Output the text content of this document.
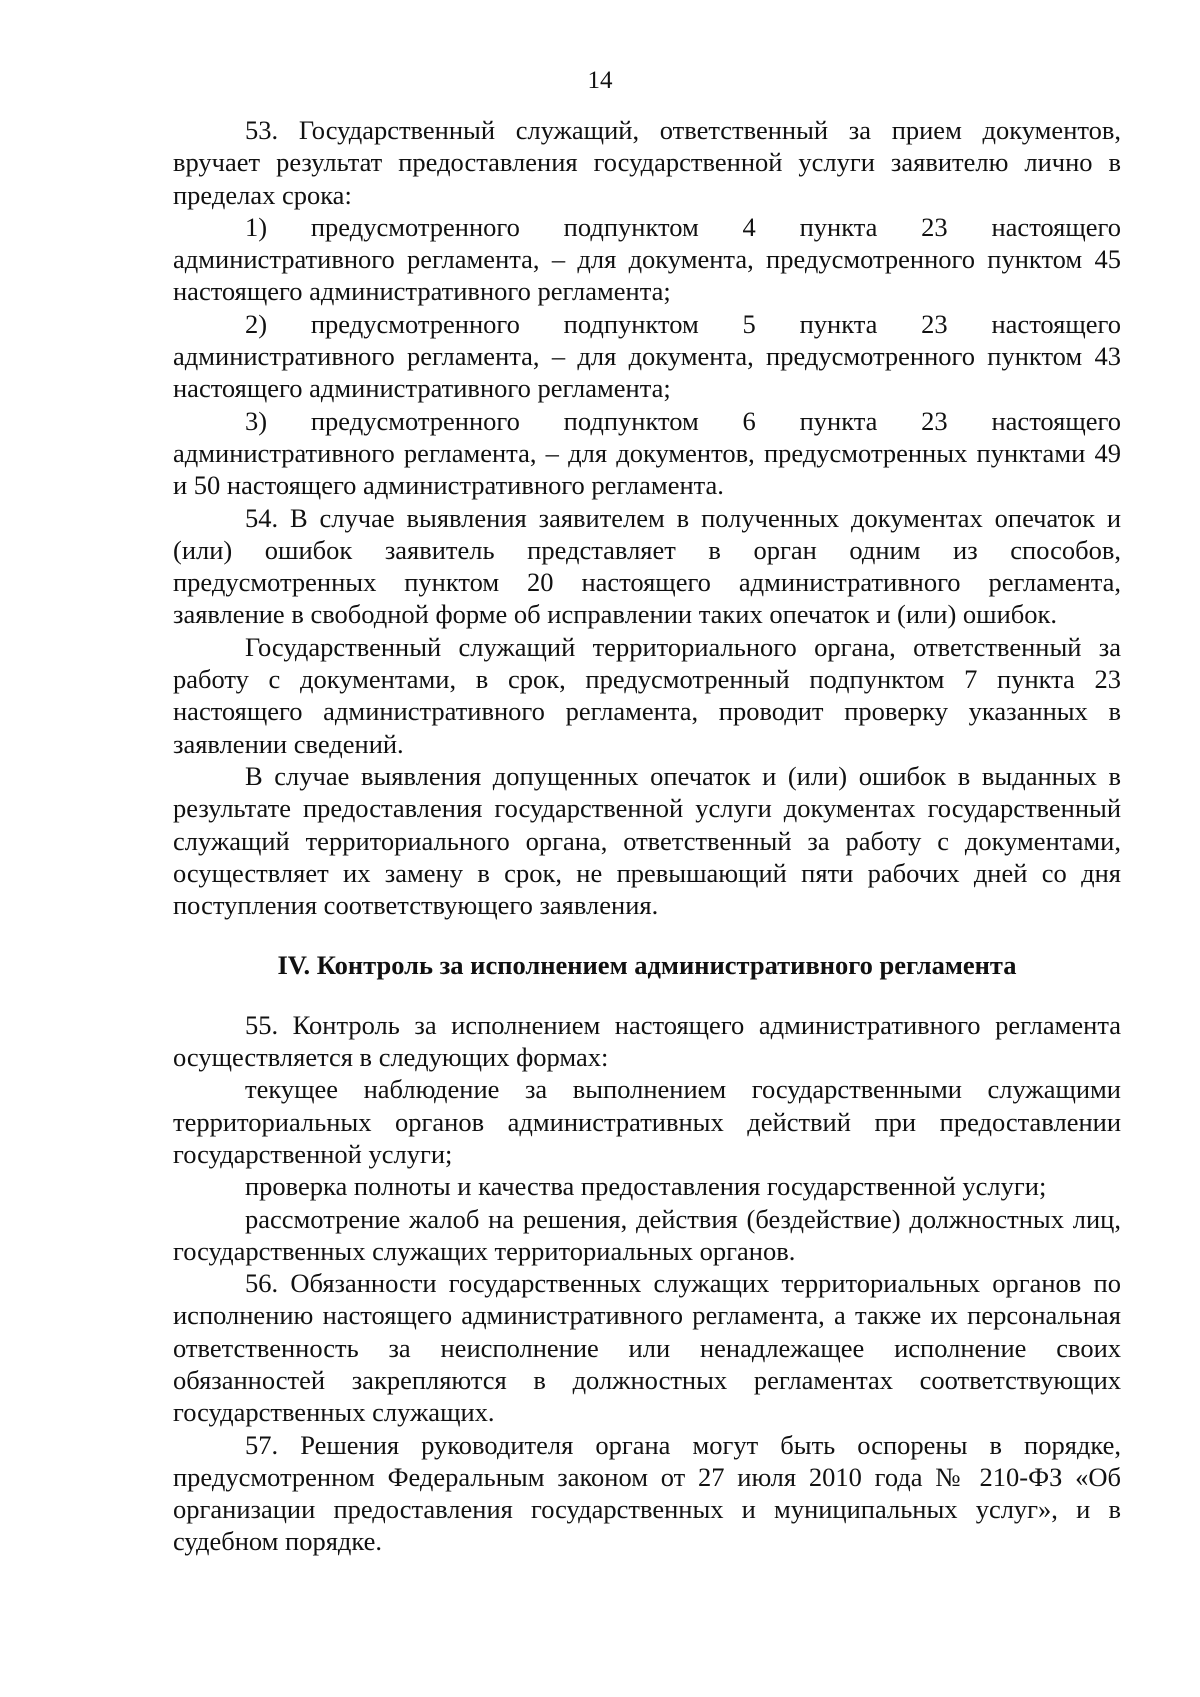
14

53. Государственный служащий, ответственный за прием документов, вручает результат предоставления государственной услуги заявителю лично в пределах срока:

1) предусмотренного подпунктом 4 пункта 23 настоящего административного регламента, – для документа, предусмотренного пунктом 45 настоящего административного регламента;

2) предусмотренного подпунктом 5 пункта 23 настоящего административного регламента, – для документа, предусмотренного пунктом 43 настоящего административного регламента;

3) предусмотренного подпунктом 6 пункта 23 настоящего административного регламента, – для документов, предусмотренных пунктами 49 и 50 настоящего административного регламента.

54. В случае выявления заявителем в полученных документах опечаток и (или) ошибок заявитель представляет в орган одним из способов, предусмотренных пунктом 20 настоящего административного регламента, заявление в свободной форме об исправлении таких опечаток и (или) ошибок.

Государственный служащий территориального органа, ответственный за работу с документами, в срок, предусмотренный подпунктом 7 пункта 23 настоящего административного регламента, проводит проверку указанных в заявлении сведений.

В случае выявления допущенных опечаток и (или) ошибок в выданных в результате предоставления государственной услуги документах государственный служащий территориального органа, ответственный за работу с документами, осуществляет их замену в срок, не превышающий пяти рабочих дней со дня поступления соответствующего заявления.

IV. Контроль за исполнением административного регламента

55. Контроль за исполнением настоящего административного регламента осуществляется в следующих формах:

текущее наблюдение за выполнением государственными служащими территориальных органов административных действий при предоставлении государственной услуги;

проверка полноты и качества предоставления государственной услуги;

рассмотрение жалоб на решения, действия (бездействие) должностных лиц, государственных служащих территориальных органов.

56. Обязанности государственных служащих территориальных органов по исполнению настоящего административного регламента, а также их персональная ответственность за неисполнение или ненадлежащее исполнение своих обязанностей закрепляются в должностных регламентах соответствующих государственных служащих.

57. Решения руководителя органа могут быть оспорены в порядке, предусмотренном Федеральным законом от 27 июля 2010 года № 210-ФЗ «Об организации предоставления государственных и муниципальных услуг», и в судебном порядке.
